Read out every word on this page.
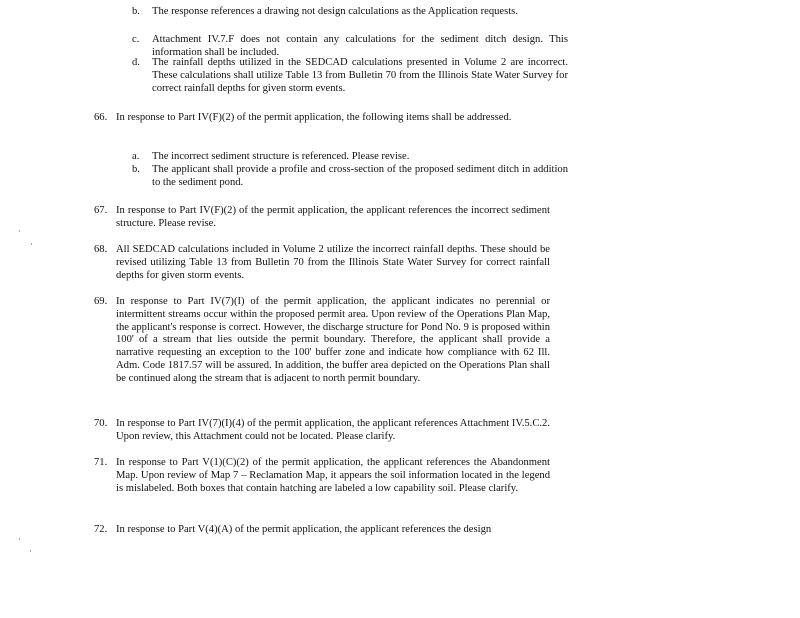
b.	The response references a drawing not design calculations as the Application requests.
c.	Attachment IV.7.F does not contain any calculations for the sediment ditch design. This information shall be included.
d.	The rainfall depths utilized in the SEDCAD calculations presented in Volume 2 are incorrect. These calculations shall utilize Table 13 from Bulletin 70 from the Illinois State Water Survey for correct rainfall depths for given storm events.
66. In response to Part IV(F)(2) of the permit application, the following items shall be addressed.
a.	The incorrect sediment structure is referenced. Please revise.
b.	The applicant shall provide a profile and cross-section of the proposed sediment ditch in addition to the sediment pond.
67. In response to Part IV(F)(2) of the permit application, the applicant references the incorrect sediment structure. Please revise.
68. All SEDCAD calculations included in Volume 2 utilize the incorrect rainfall depths. These should be revised utilizing Table 13 from Bulletin 70 from the Illinois State Water Survey for correct rainfall depths for given storm events.
69. In response to Part IV(7)(I) of the permit application, the applicant indicates no perennial or intermittent streams occur within the proposed permit area. Upon review of the Operations Plan Map, the applicant's response is correct. However, the discharge structure for Pond No. 9 is proposed within 100' of a stream that lies outside the permit boundary. Therefore, the applicant shall provide a narrative requesting an exception to the 100' buffer zone and indicate how compliance with 62 Ill. Adm. Code 1817.57 will be assured. In addition, the buffer area depicted on the Operations Plan shall be continued along the stream that is adjacent to north permit boundary.
70. In response to Part IV(7)(I)(4) of the permit application, the applicant references Attachment IV.5.C.2. Upon review, this Attachment could not be located. Please clarify.
71. In response to Part V(1)(C)(2) of the permit application, the applicant references the Abandonment Map. Upon review of Map 7 – Reclamation Map, it appears the soil information located in the legend is mislabeled. Both boxes that contain hatching are labeled a low capability soil. Please clarify.
72. In response to Part V(4)(A) of the permit application, the applicant references the design
·
·
·
·
